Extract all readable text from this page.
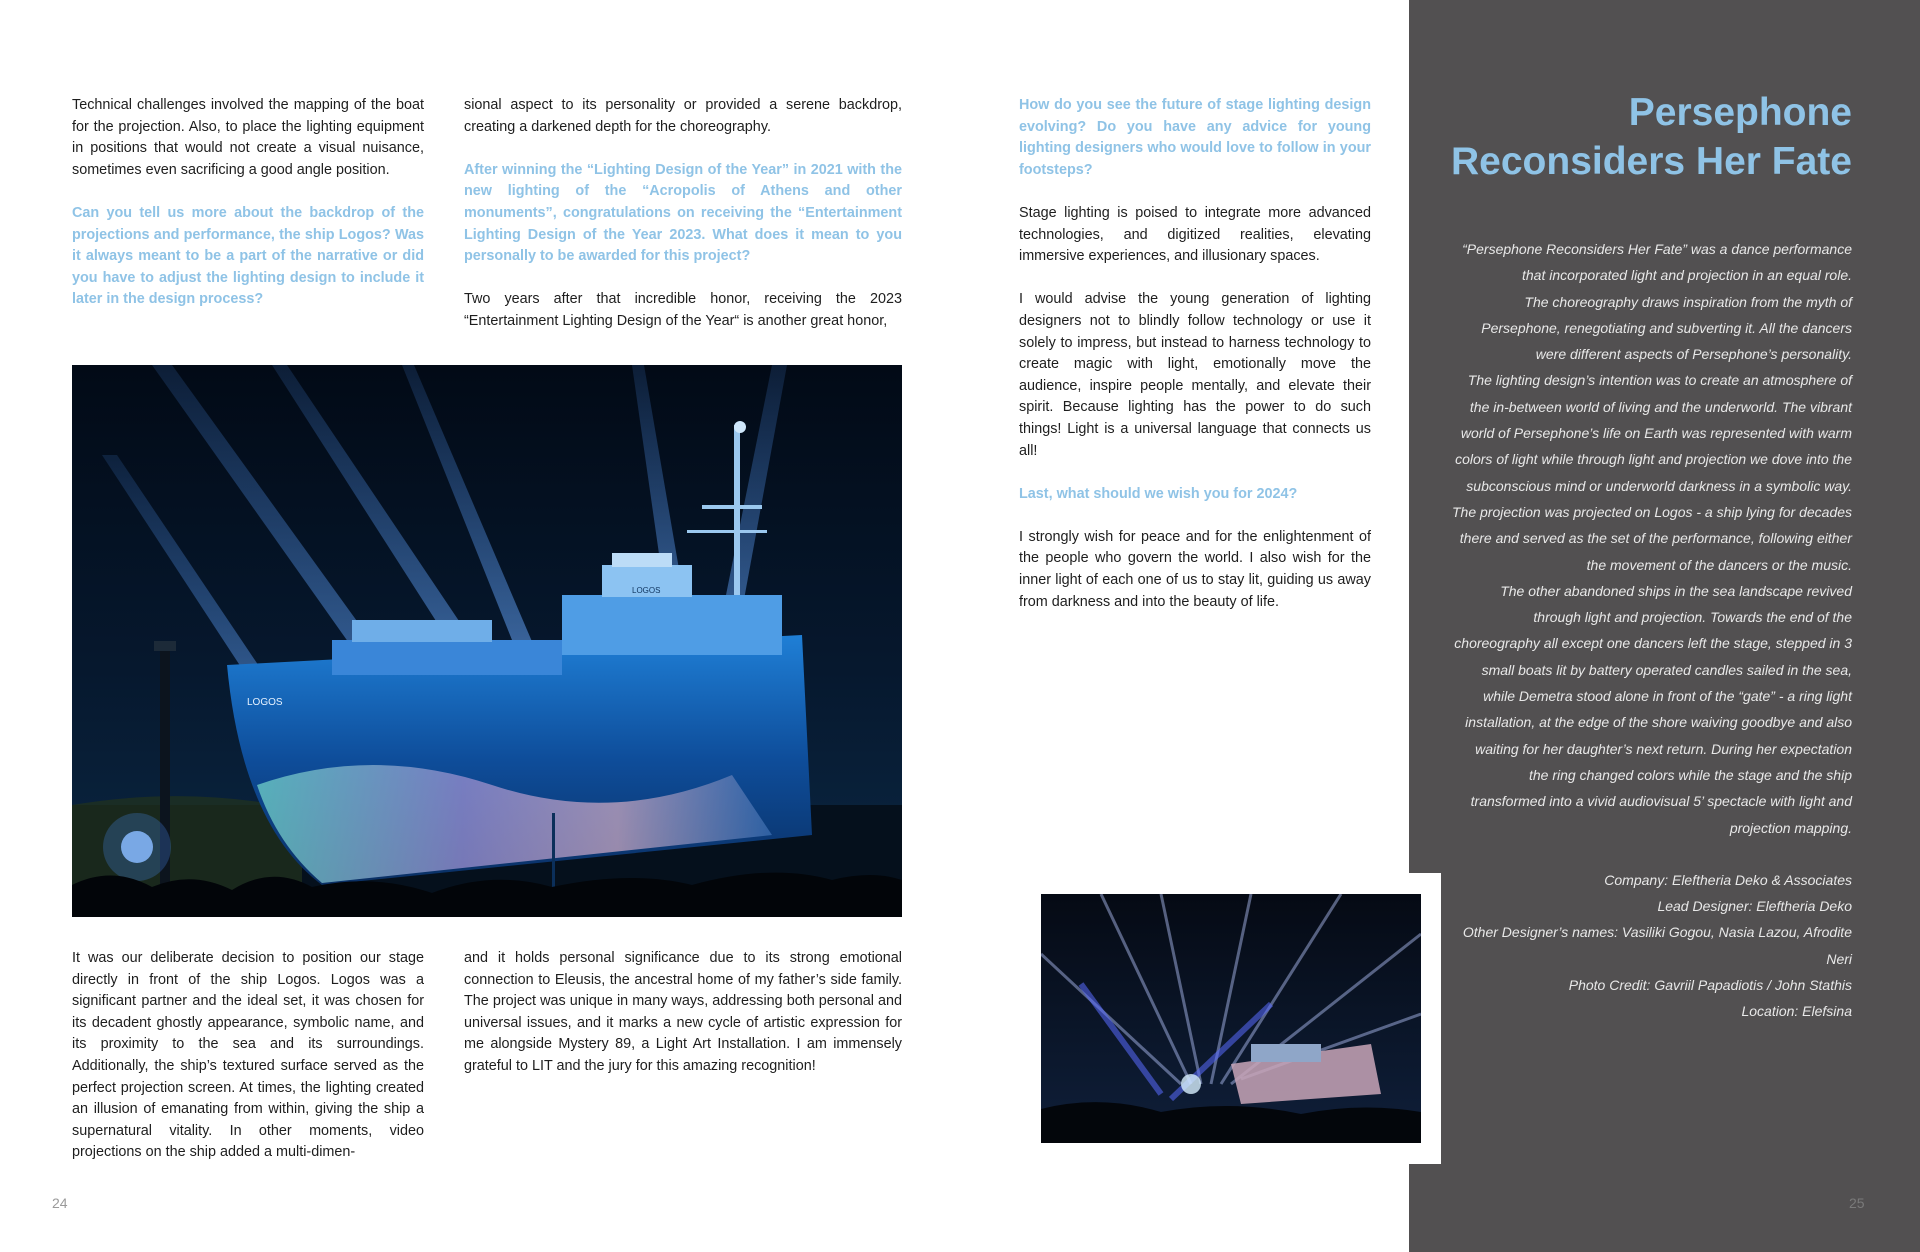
Technical challenges involved the mapping of the boat for the projection. Also, to place the lighting equipment in positions that would not create a visual nuisance, sometimes even sacrificing a good angle position.

Can you tell us more about the backdrop of the projections and performance, the ship Logos? Was it always meant to be a part of the narrative or did you have to adjust the lighting design to include it later in the design process?

sional aspect to its personality or provided a serene backdrop, creating a darkened depth for the choreography.

After winning the “Lighting Design of the Year” in 2021 with the new lighting of the “Acropolis of Athens and other monuments”, congratulations on receiving the “Entertainment Lighting Design of the Year 2023. What does it mean to you personally to be awarded for this project?

Two years after that incredible honor, receiving the 2023 “Entertainment Lighting Design of the Year“ is another great honor,

LOGOS
LOGOS

It was our deliberate decision to position our stage directly in front of the ship Logos. Logos was a significant partner and the ideal set, it was chosen for its decadent ghostly appearance, symbolic name, and its proximity to the sea and its surroundings. Additionally, the ship’s textured surface served as the perfect projection screen. At times, the lighting created an illusion of emanating from within, giving the ship a supernatural vitality. In other moments, video projections on the ship added a multi-dimen-

and it holds personal significance due to its strong emotional connection to Eleusis, the ancestral home of my father’s side family. The project was unique in many ways, addressing both personal and universal issues, and it marks a new cycle of artistic expression for me alongside Mystery 89, a Light Art Installation. I am immensely grateful to LIT and the jury for this amazing recognition!

24

How do you see the future of stage lighting design evolving? Do you have any advice for young lighting designers who would love to follow in your footsteps?

Stage lighting is poised to integrate more advanced technologies, and digitized realities, elevating immersive experiences, and illusionary spaces.

I would advise the young generation of lighting designers not to blindly follow technology or use it solely to impress, but instead to harness technology to create magic with light, emotionally move the audience, inspire people mentally, and elevate their spirit. Because lighting has the power to do such things! Light is a universal language that connects us all!

Last, what should we wish you for 2024?

I strongly wish for peace and for the enlightenment of the people who govern the world. I also wish for the inner light of each one of us to stay lit, guiding us away from darkness and into the beauty of life.

Persephone Reconsiders Her Fate

“Persephone Reconsiders Her Fate” was a dance performance that incorporated light and projection in an equal role.

The choreography draws inspiration from the myth of Persephone, renegotiating and subverting it. All the dancers were different aspects of Persephone’s personality.

The lighting design’s intention was to create an atmosphere of the in-between world of living and the underworld. The vibrant world of Persephone’s life on Earth was represented with warm colors of light while through light and projection we dove into the subconscious mind or underworld darkness in a symbolic way. The projection was projected on Logos - a ship lying for decades there and served as the set of the performance, following either the movement of the dancers or the music.

The other abandoned ships in the sea landscape revived through light and projection. Towards the end of the choreography all except one dancers left the stage, stepped in 3 small boats lit by battery operated candles sailed in the sea, while Demetra stood alone in front of the “gate” - a ring light installation, at the edge of the shore waiving goodbye and also waiting for her daughter’s next return. During her expectation the ring changed colors while the stage and the ship transformed into a vivid audiovisual 5’ spectacle with light and projection mapping.

Company: Eleftheria Deko & Associates
Lead Designer: Eleftheria Deko
Other Designer’s names: Vasiliki Gogou, Nasia Lazou, Afrodite Neri
Photo Credit: Gavriil Papadiotis / John Stathis
Location: Elefsina

25
